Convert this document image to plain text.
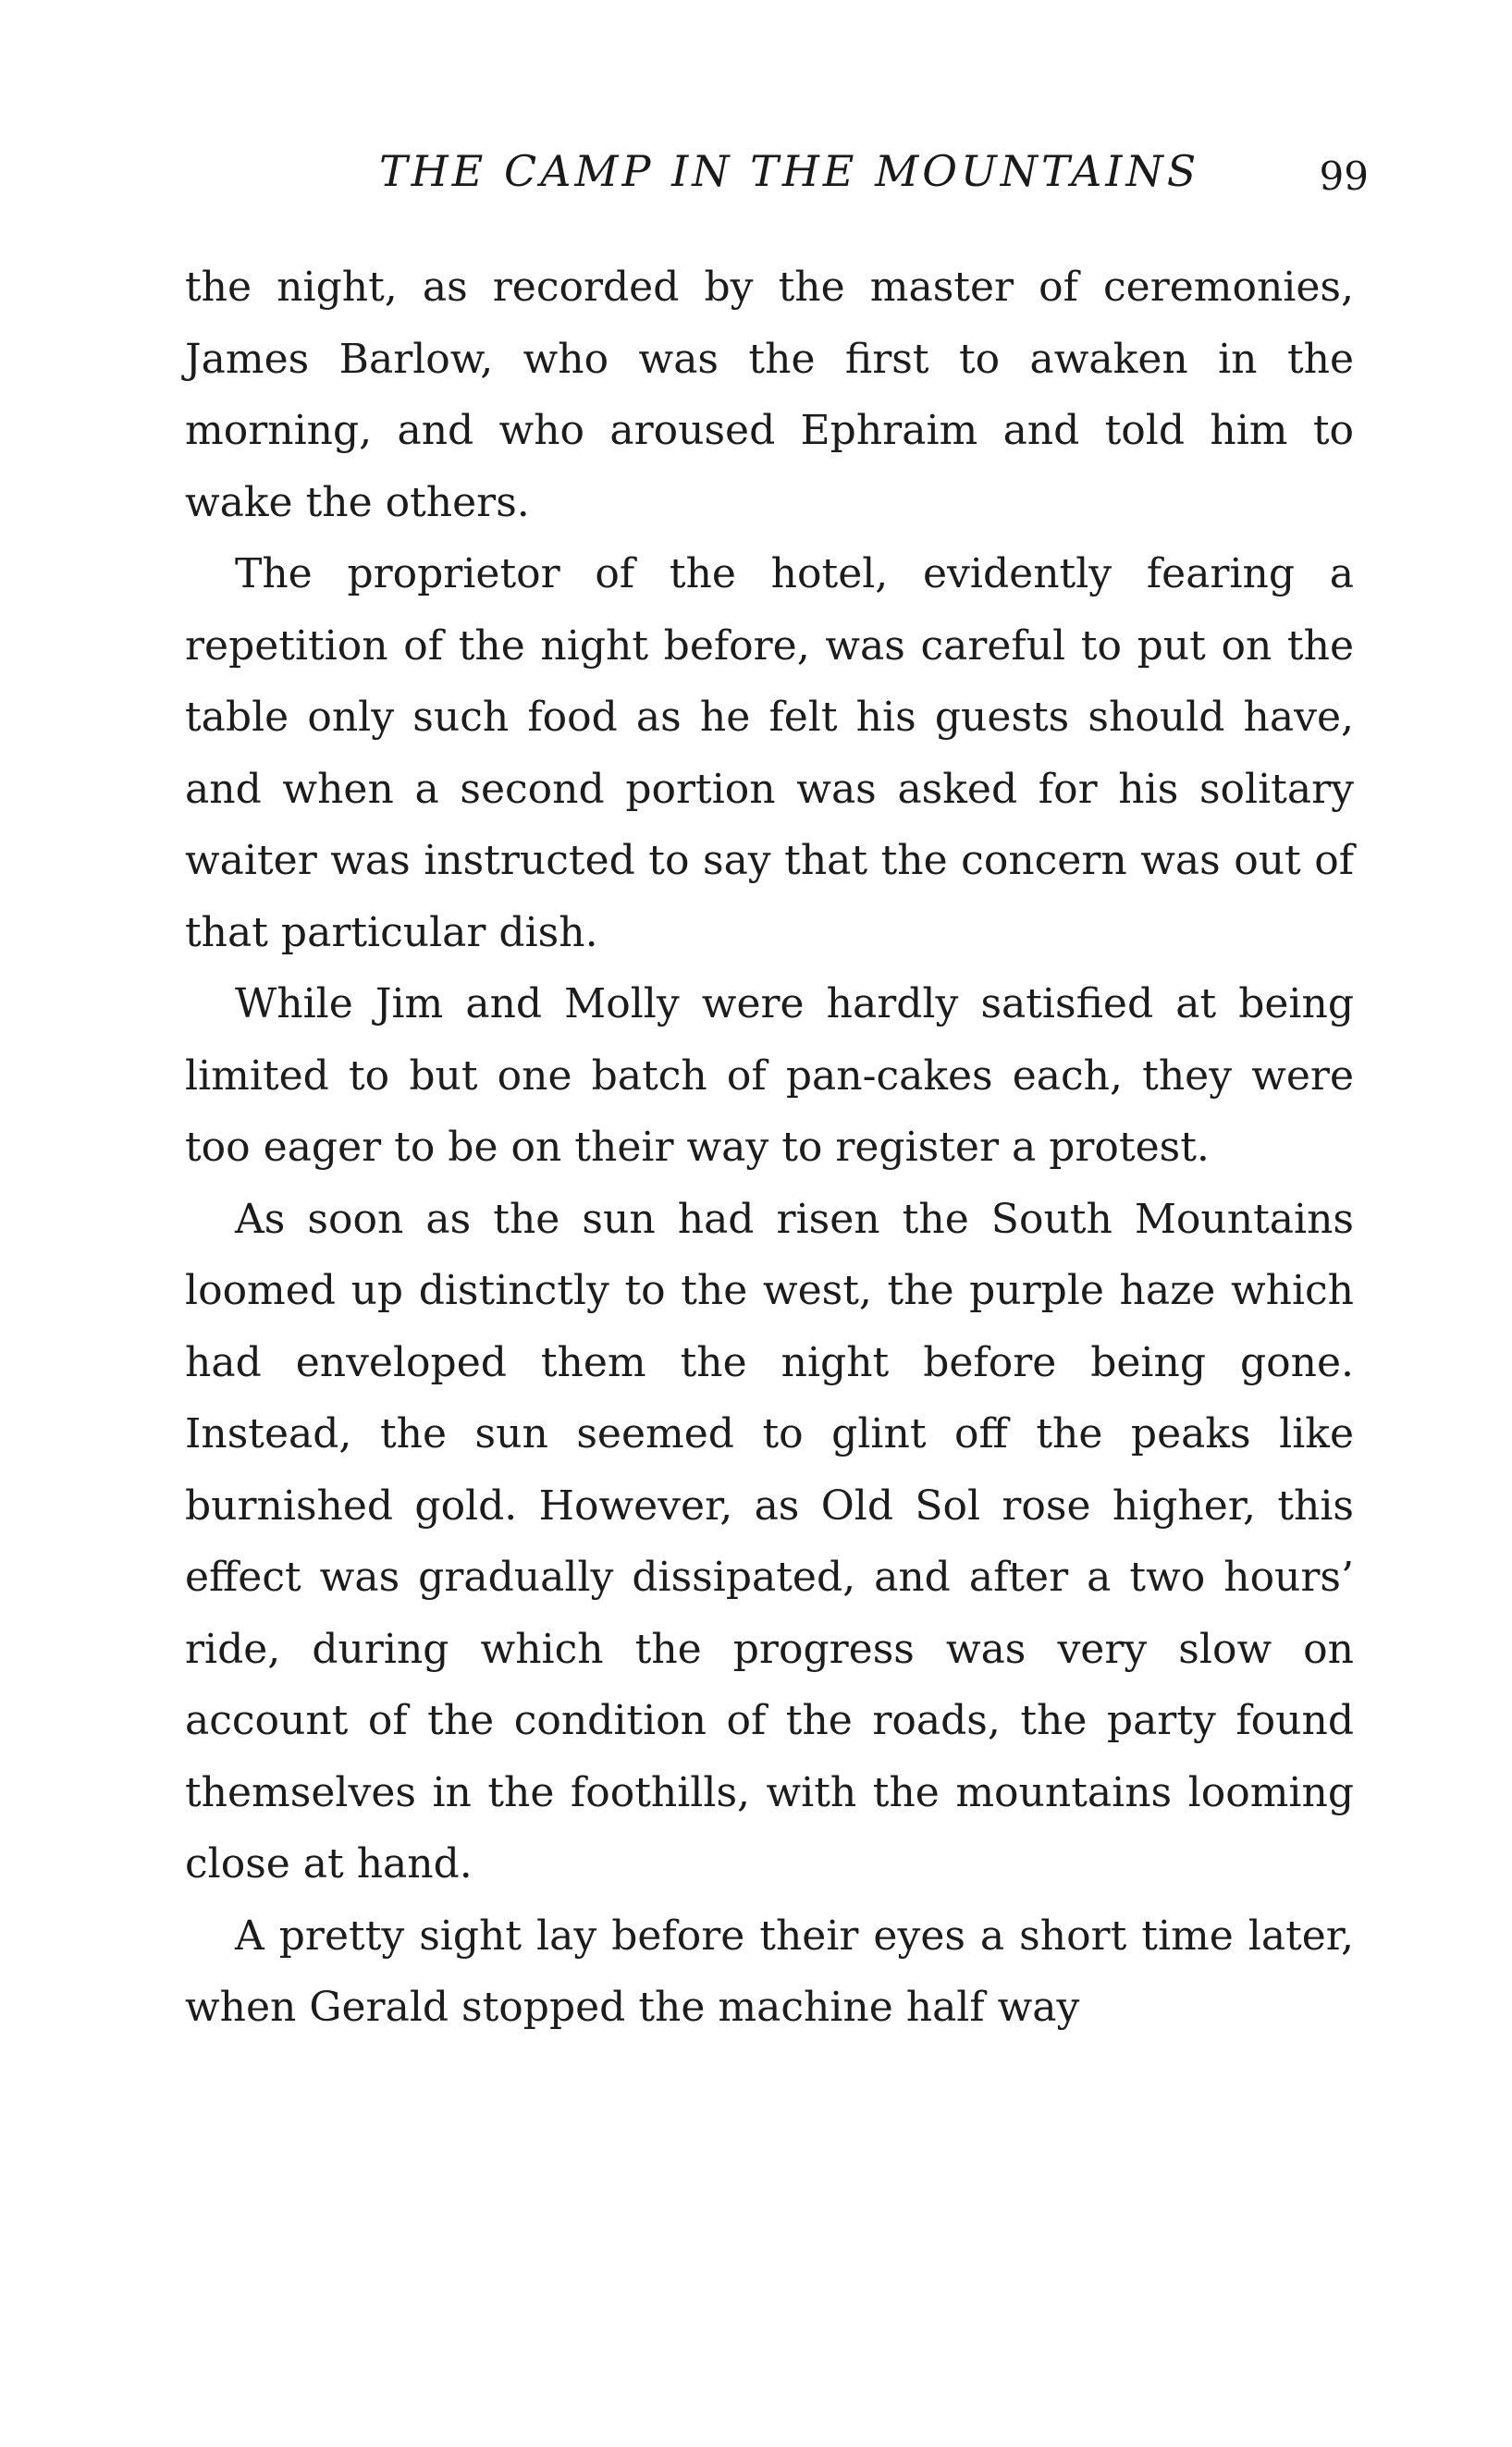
THE CAMP IN THE MOUNTAINS	99

the night, as recorded by the master of ceremonies, James Barlow, who was the first to awaken in the morning, and who aroused Ephraim and told him to wake the others.

The proprietor of the hotel, evidently fearing a repetition of the night before, was careful to put on the table only such food as he felt his guests should have, and when a second portion was asked for his solitary waiter was instructed to say that the concern was out of that particular dish.

While Jim and Molly were hardly satisfied at being limited to but one batch of pan-cakes each, they were too eager to be on their way to register a protest.

As soon as the sun had risen the South Mountains loomed up distinctly to the west, the purple haze which had enveloped them the night before being gone. Instead, the sun seemed to glint off the peaks like burnished gold. However, as Old Sol rose higher, this effect was gradually dissipated, and after a two hours’ ride, during which the progress was very slow on account of the condition of the roads, the party found themselves in the foothills, with the mountains looming close at hand.

A pretty sight lay before their eyes a short time later, when Gerald stopped the machine half way
